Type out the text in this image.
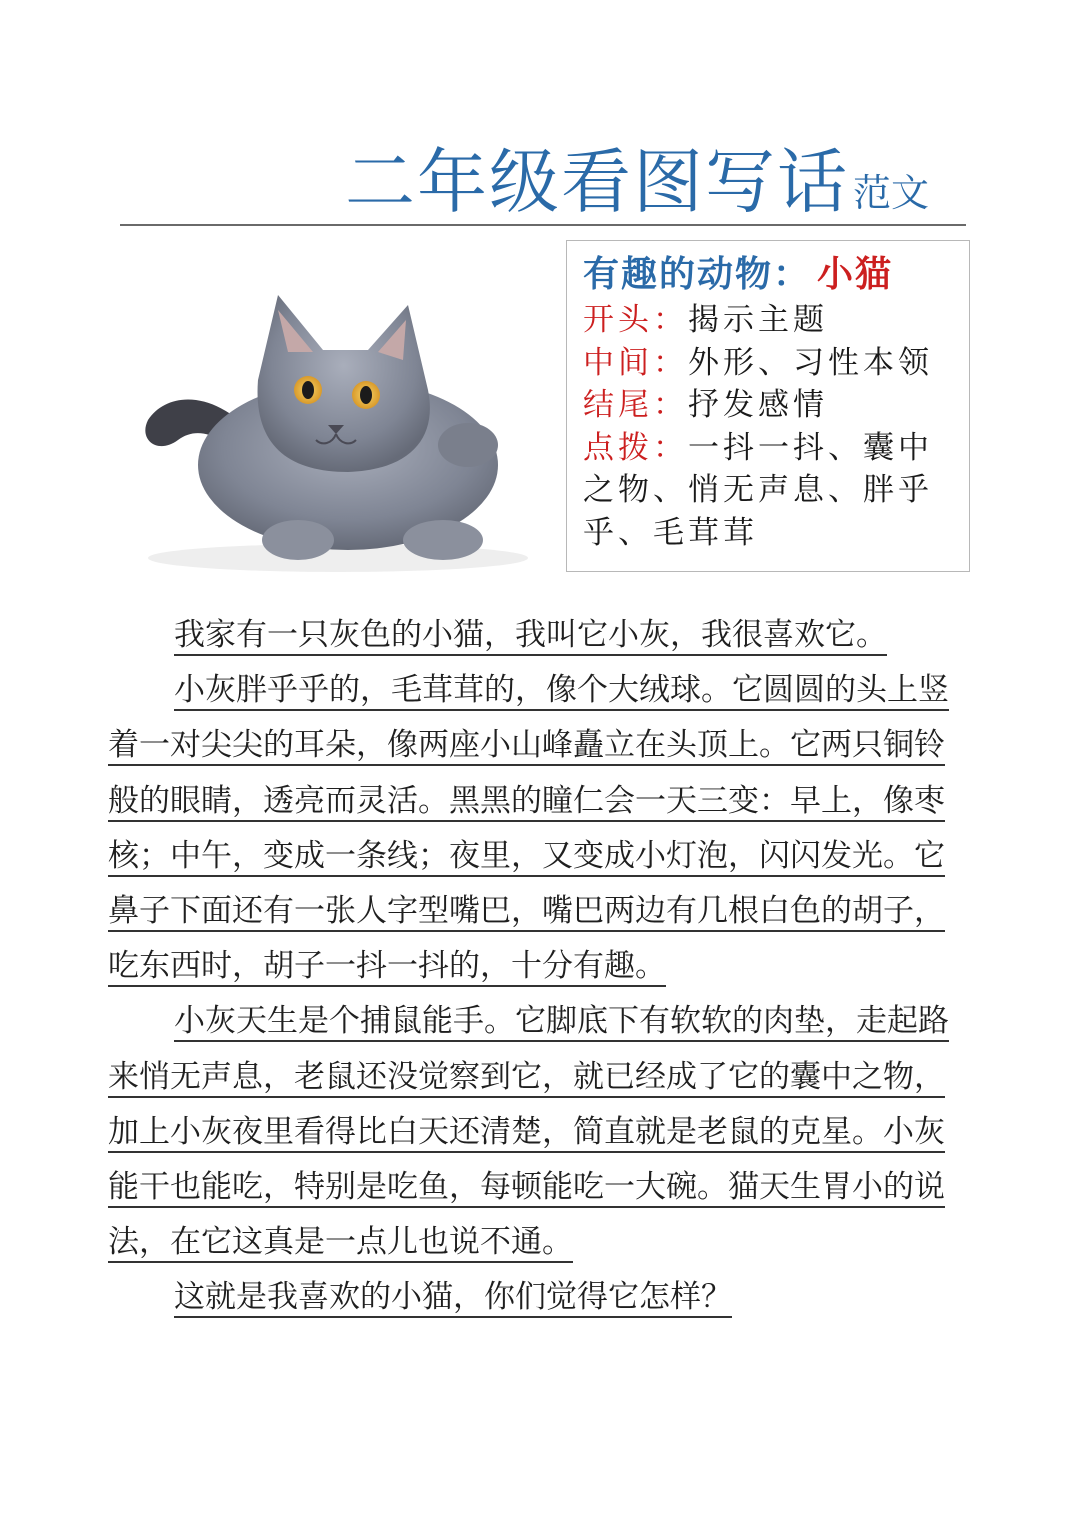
二年级看图写话 范文
有趣的动物： 小猫
开头：揭示主题
中间：外形、习性本领
结尾：抒发感情
点拨：一抖一抖、囊中之物、悄无声息、胖乎乎、毛茸茸

我家有一只灰色的小猫，我叫它小灰，我很喜欢它。

小灰胖乎乎的，毛茸茸的，像个大绒球。它圆圆的头上竖着一对尖尖的耳朵，像两座小山峰矗立在头顶上。它两只铜铃般的眼睛，透亮而灵活。黑黑的瞳仁会一天三变：早上，像枣核；中午，变成一条线；夜里，又变成小灯泡，闪闪发光。它鼻子下面还有一张人字型嘴巴，嘴巴两边有几根白色的胡子，吃东西时，胡子一抖一抖的，十分有趣。

小灰天生是个捕鼠能手。它脚底下有软软的肉垫，走起路来悄无声息，老鼠还没觉察到它，就已经成了它的囊中之物，加上小灰夜里看得比白天还清楚，简直就是老鼠的克星。小灰能干也能吃，特别是吃鱼，每顿能吃一大碗。猫天生胃小的说法，在它这真是一点儿也说不通。

这就是我喜欢的小猫，你们觉得它怎样？
